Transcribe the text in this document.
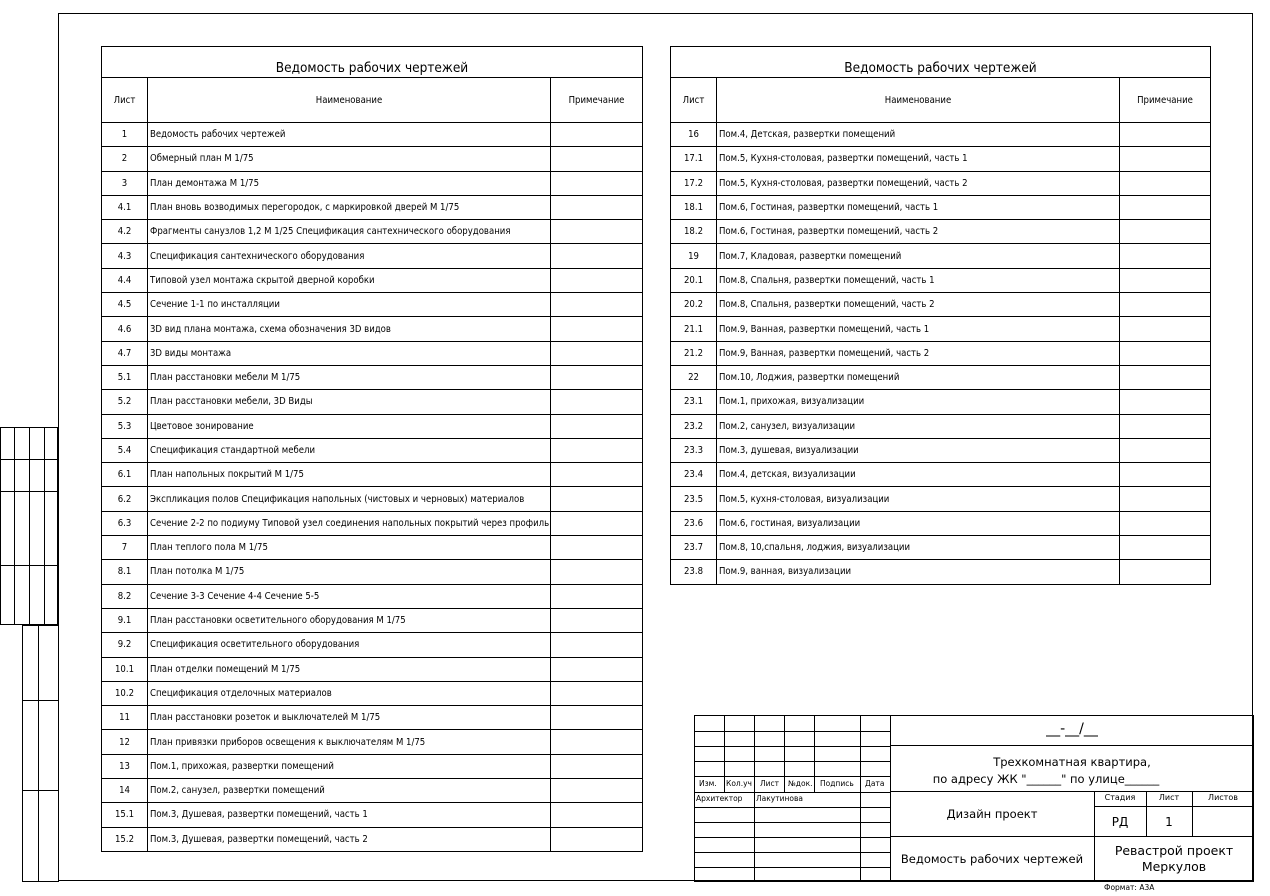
Ведомость рабочих чертежей		
Лист	Наименование	Примечание
1	Ведомость рабочих чертежей	
2	Обмерный план М 1/75	
3	План демонтажа М 1/75	
4.1	План вновь возводимых перегородок, с маркировкой дверей М 1/75	
4.2	Фрагменты санузлов 1,2 М 1/25 Спецификация сантехнического оборудования	
4.3	Спецификация сантехнического оборудования	
4.4	Типовой узел монтажа скрытой дверной коробки	
4.5	Сечение 1-1 по инсталляции	
4.6	3D вид плана монтажа, схема обозначения 3D видов	
4.7	3D виды монтажа	
5.1	План расстановки мебели М 1/75	
5.2	План расстановки мебели, 3D Виды	
5.3	Цветовое зонирование	
5.4	Спецификация стандартной мебели	
6.1	План напольных покрытий М 1/75	
6.2	Экспликация полов Спецификация напольных (чистовых и черновых) материалов	
6.3	Сечение 2-2 по подиуму Типовой узел соединения напольных покрытий через профиль	
7	План теплого пола М 1/75	
8.1	План потолка М 1/75	
8.2	Сечение 3-3 Сечение 4-4 Сечение 5-5	
9.1	План расстановки осветительного оборудования М 1/75	
9.2	Спецификация осветительного оборудования	
10.1	План отделки помещений М 1/75	
10.2	Спецификация отделочных материалов	
11	План расстановки розеток и выключателей М 1/75	
12	План привязки приборов освещения к выключателям М 1/75	
13	Пом.1, прихожая, развертки помещений	
14	Пом.2, санузел, развертки помещений	
15.1	Пом.3, Душевая, развертки помещений, часть 1	
15.2	Пом.3, Душевая, развертки помещений, часть 2	
Ведомость рабочих чертежей		
Лист	Наименование	Примечание
16	Пом.4, Детская, развертки помещений	
17.1	Пом.5, Кухня-столовая, развертки помещений, часть 1	
17.2	Пом.5, Кухня-столовая, развертки помещений, часть 2	
18.1	Пом.6, Гостиная, развертки помещений, часть 1	
18.2	Пом.6, Гостиная, развертки помещений, часть 2	
19	Пом.7, Кладовая, развертки помещений	
20.1	Пом.8, Спальня, развертки помещений, часть 1	
20.2	Пом.8, Спальня, развертки помещений, часть 2	
21.1	Пом.9, Ванная, развертки помещений, часть 1	
21.2	Пом.9, Ванная, развертки помещений, часть 2	
22	Пом.10, Лоджия, развертки помещений	
23.1	Пом.1, прихожая, визуализации	
23.2	Пом.2, санузел, визуализации	
23.3	Пом.3, душевая, визуализации	
23.4	Пом.4, детская, визуализации	
23.5	Пом.5, кухня-столовая, визуализации	
23.6	Пом.6, гостиная, визуализации	
23.7	Пом.8, 10,спальня, лоджия, визуализации	
23.8	Пом.9, ванная, визуализации	
Изм. Кол.уч Лист №док. Подпись Дата
Архитектор Лакутинова
__-__/__
Трехкомнатная квартира,
по адресу ЖК "______" по улице______
Дизайн проект
Ведомость рабочих чертежей
Стадия	Лист	Листов
РД	1
Ревастрой проект
Меркулов
Формат: А3А
